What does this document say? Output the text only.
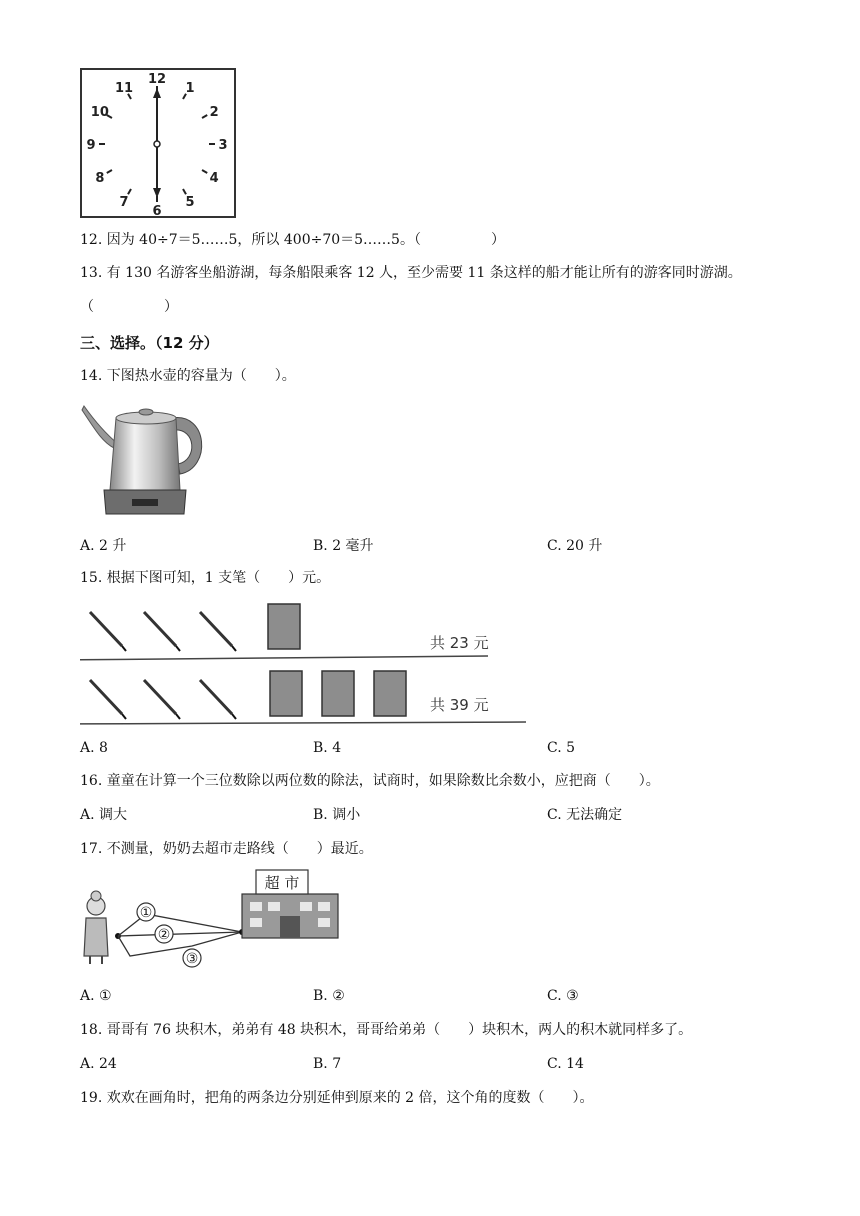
12
1
2
3
4
5
6
7
8
9
10
11
12. 因为 40÷7＝5……5，所以 400÷70＝5……5。（　　　　　）
13. 有 130 名游客坐船游湖，每条船限乘客 12 人，至少需要 11 条这样的船才能让所有的游客同时游湖。
（　　　　　）
三、选择。（12 分）
14. 下图热水壶的容量为（　　）。
A. 2 升	B. 2 毫升	C. 20 升
15. 根据下图可知，1 支笔（　　）元。
共 23 元
共 39 元
A. 8	B. 4	C. 5
16. 童童在计算一个三位数除以两位数的除法，试商时，如果除数比余数小，应把商（　　）。
A. 调大	B. 调小	C. 无法确定
17. 不测量，奶奶去超市走路线（　　）最近。
①
②
③
超 市
A. ①	B. ②	C. ③
18. 哥哥有 76 块积木，弟弟有 48 块积木，哥哥给弟弟（　　）块积木，两人的积木就同样多了。
A. 24	B. 7	C. 14
19. 欢欢在画角时，把角的两条边分别延伸到原来的 2 倍，这个角的度数（　　）。
